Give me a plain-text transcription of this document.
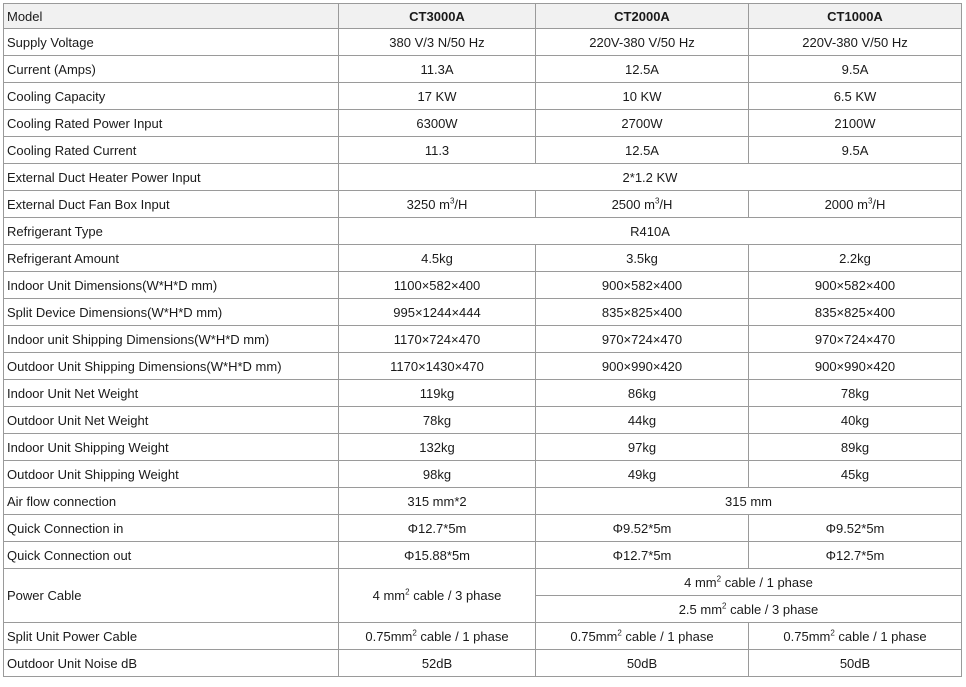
Model	CT3000A	CT2000A	CT1000A
Supply Voltage	380 V/3 N/50 Hz	220V-380 V/50 Hz	220V-380 V/50 Hz
Current (Amps)	11.3A	12.5A	9.5A
Cooling Capacity	17 KW	10 KW	6.5 KW
Cooling Rated Power Input	6300W	2700W	2100W
Cooling Rated Current	11.3	12.5A	9.5A
External Duct Heater Power Input	2*1.2 KW		
External Duct Fan Box Input	3250 $m^3/H$	2500 $m^3/H$	2000 $m^3/H$
Refrigerant Type	R410A		
Refrigerant Amount	4.5kg	3.5kg	2.2kg
Indoor Unit Dimensions(W*H*D mm)	1100×582×400	900×582×400	900×582×400
Split Device Dimensions(W*H*D mm)	995×1244×444	835×825×400	835×825×400
Indoor unit Shipping Dimensions(W*H*D mm)	1170×724×470	970×724×470	970×724×470
Outdoor Unit Shipping Dimensions(W*H*D mm)	1170×1430×470	900×990×420	900×990×420
Indoor Unit Net Weight	119kg	86kg	78kg
Outdoor Unit Net Weight	78kg	44kg	40kg
Indoor Unit Shipping Weight	132kg	97kg	89kg
Outdoor Unit Shipping Weight	98kg	49kg	45kg
Air flow connection	315 mm*2	315 mm	
Quick Connection in	Φ12.7*5m	Φ9.52*5m	Φ9.52*5m
Quick Connection out	Φ15.88*5m	Φ12.7*5m	Φ12.7*5m
Power Cable	4 $mm^2$ cable / 3 phase	4 $mm^2$ cable / 1 phase	
		2.5 $mm^2$ cable / 3 phase	
Split Unit Power Cable	$0.75mm^2$ cable / 1 phase	$0.75mm^2$ cable / 1 phase	$0.75mm^2$ cable / 1 phase
Outdoor Unit Noise dB	52dB	50dB	50dB
